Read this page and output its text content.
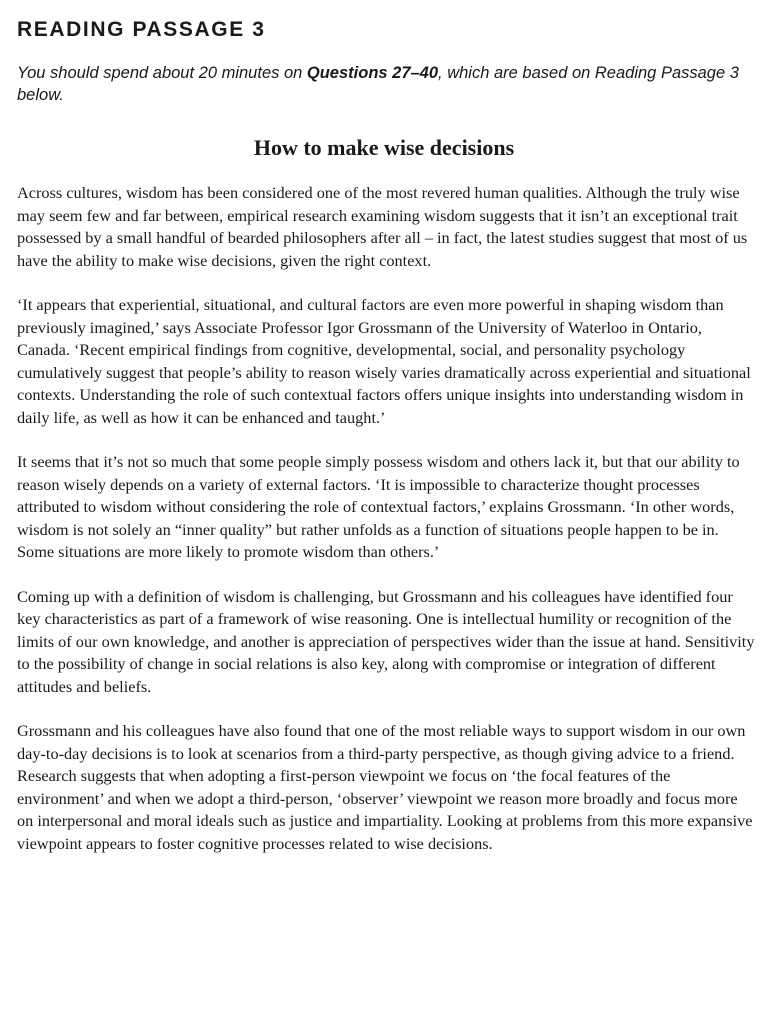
READING PASSAGE 3

You should spend about 20 minutes on Questions 27–40, which are based on Reading Passage 3 below.

How to make wise decisions

Across cultures, wisdom has been considered one of the most revered human qualities. Although the truly wise may seem few and far between, empirical research examining wisdom suggests that it isn’t an exceptional trait possessed by a small handful of bearded philosophers after all – in fact, the latest studies suggest that most of us have the ability to make wise decisions, given the right context.

‘It appears that experiential, situational, and cultural factors are even more powerful in shaping wisdom than previously imagined,’ says Associate Professor Igor Grossmann of the University of Waterloo in Ontario, Canada. ‘Recent empirical findings from cognitive, developmental, social, and personality psychology cumulatively suggest that people’s ability to reason wisely varies dramatically across experiential and situational contexts. Understanding the role of such contextual factors offers unique insights into understanding wisdom in daily life, as well as how it can be enhanced and taught.’

It seems that it’s not so much that some people simply possess wisdom and others lack it, but that our ability to reason wisely depends on a variety of external factors. ‘It is impossible to characterize thought processes attributed to wisdom without considering the role of contextual factors,’ explains Grossmann. ‘In other words, wisdom is not solely an “inner quality” but rather unfolds as a function of situations people happen to be in. Some situations are more likely to promote wisdom than others.’

Coming up with a definition of wisdom is challenging, but Grossmann and his colleagues have identified four key characteristics as part of a framework of wise reasoning. One is intellectual humility or recognition of the limits of our own knowledge, and another is appreciation of perspectives wider than the issue at hand. Sensitivity to the possibility of change in social relations is also key, along with compromise or integration of different attitudes and beliefs.

Grossmann and his colleagues have also found that one of the most reliable ways to support wisdom in our own day-to-day decisions is to look at scenarios from a third-party perspective, as though giving advice to a friend. Research suggests that when adopting a first-person viewpoint we focus on ‘the focal features of the environment’ and when we adopt a third-person, ‘observer’ viewpoint we reason more broadly and focus more on interpersonal and moral ideals such as justice and impartiality. Looking at problems from this more expansive viewpoint appears to foster cognitive processes related to wise decisions.
